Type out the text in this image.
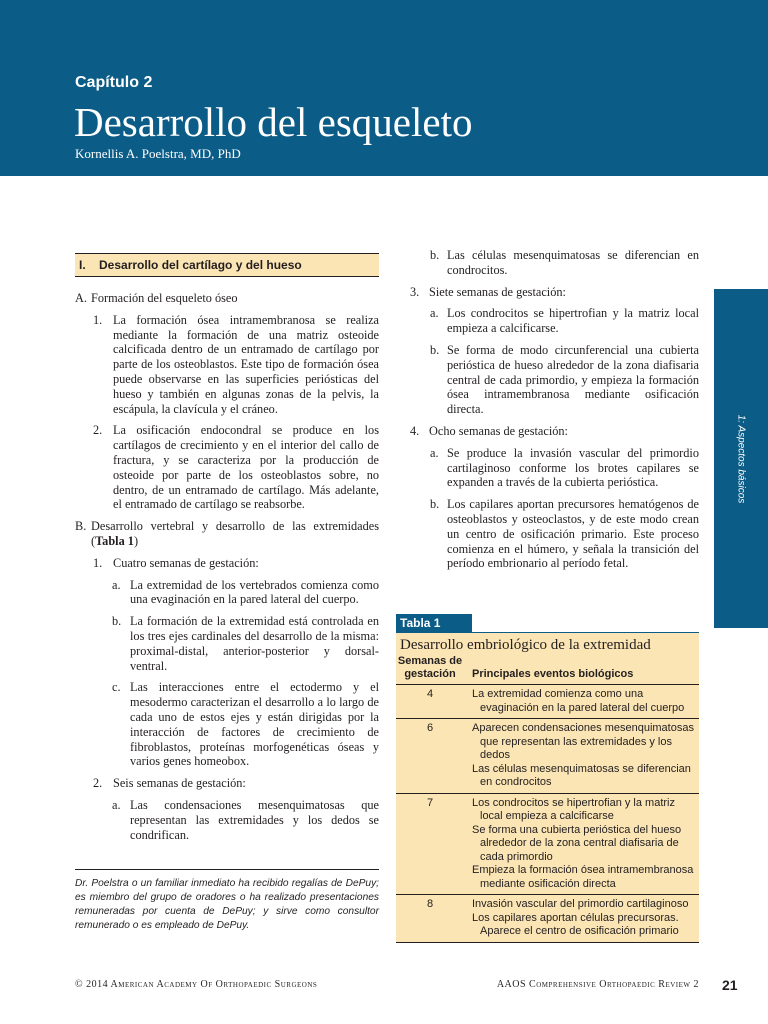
Capítulo 2
Desarrollo del esqueleto
Kornellis A. Poelstra, MD, PhD
1: Aspectos básicos
I. Desarrollo del cartílago y del hueso
A. Formación del esqueleto óseo

1. La formación ósea intramembranosa se realiza mediante la formación de una matriz osteoide calcificada dentro de un entramado de cartílago por parte de los osteoblastos. Este tipo de formación ósea puede observarse en las superficies periósticas del hueso y también en algunas zonas de la pelvis, la escápula, la clavícula y el cráneo.

2. La osificación endocondral se produce en los cartílagos de crecimiento y en el interior del callo de fractura, y se caracteriza por la producción de osteoide por parte de los osteoblastos sobre, no dentro, de un entramado de cartílago. Más adelante, el entramado de cartílago se reabsorbe.

B. Desarrollo vertebral y desarrollo de las extremidades (Tabla 1)

1. Cuatro semanas de gestación:

a. La extremidad de los vertebrados comienza como una evaginación en la pared lateral del cuerpo.

b. La formación de la extremidad está controlada en los tres ejes cardinales del desarrollo de la misma: proximal-distal, anterior-posterior y dorsal-ventral.

c. Las interacciones entre el ectodermo y el mesodermo caracterizan el desarrollo a lo largo de cada uno de estos ejes y están dirigidas por la interacción de factores de crecimiento de fibroblastos, proteínas morfogenéticas óseas y varios genes homeobox.

2. Seis semanas de gestación:

a. Las condensaciones mesenquimatosas que representan las extremidades y los dedos se condrifican.

b. Las células mesenquimatosas se diferencian en condrocitos.

3. Siete semanas de gestación:

a. Los condrocitos se hipertrofian y la matriz local empieza a calcificarse.

b. Se forma de modo circunferencial una cubierta perióstica de hueso alrededor de la zona diafisaria central de cada primordio, y empieza la formación ósea intramembranosa mediante osificación directa.

4. Ocho semanas de gestación:

a. Se produce la invasión vascular del primordio cartilaginoso conforme los brotes capilares se expanden a través de la cubierta perióstica.

b. Los capilares aportan precursores hematógenos de osteoblastos y osteoclastos, y de este modo crean un centro de osificación primario. Este proceso comienza en el húmero, y señala la transición del período embrionario al período fetal.

Tabla 1
Desarrollo embriológico de la extremidad
Semanas de gestación	Principales eventos biológicos
4	La extremidad comienza como una evaginación en la pared lateral del cuerpo
6	Aparecen condensaciones mesenquimatosas que representan las extremidades y los dedos
Las células mesenquimatosas se diferencian en condrocitos
7	Los condrocitos se hipertrofian y la matriz local empieza a calcificarse
Se forma una cubierta perióstica del hueso alrededor de la zona central diafisaria de cada primordio
Empieza la formación ósea intramembranosa mediante osificación directa
8	Invasión vascular del primordio cartilaginoso
Los capilares aportan células precursoras. Aparece el centro de osificación primario
Dr. Poelstra o un familiar inmediato ha recibido regalías de DePuy; es miembro del grupo de oradores o ha realizado presentaciones remuneradas por cuenta de DePuy; y sirve como consultor remunerado o es empleado de DePuy.
© 2014 American Academy Of Orthopaedic Surgeons	AAOS Comprehensive Orthopaedic Review 2 21
